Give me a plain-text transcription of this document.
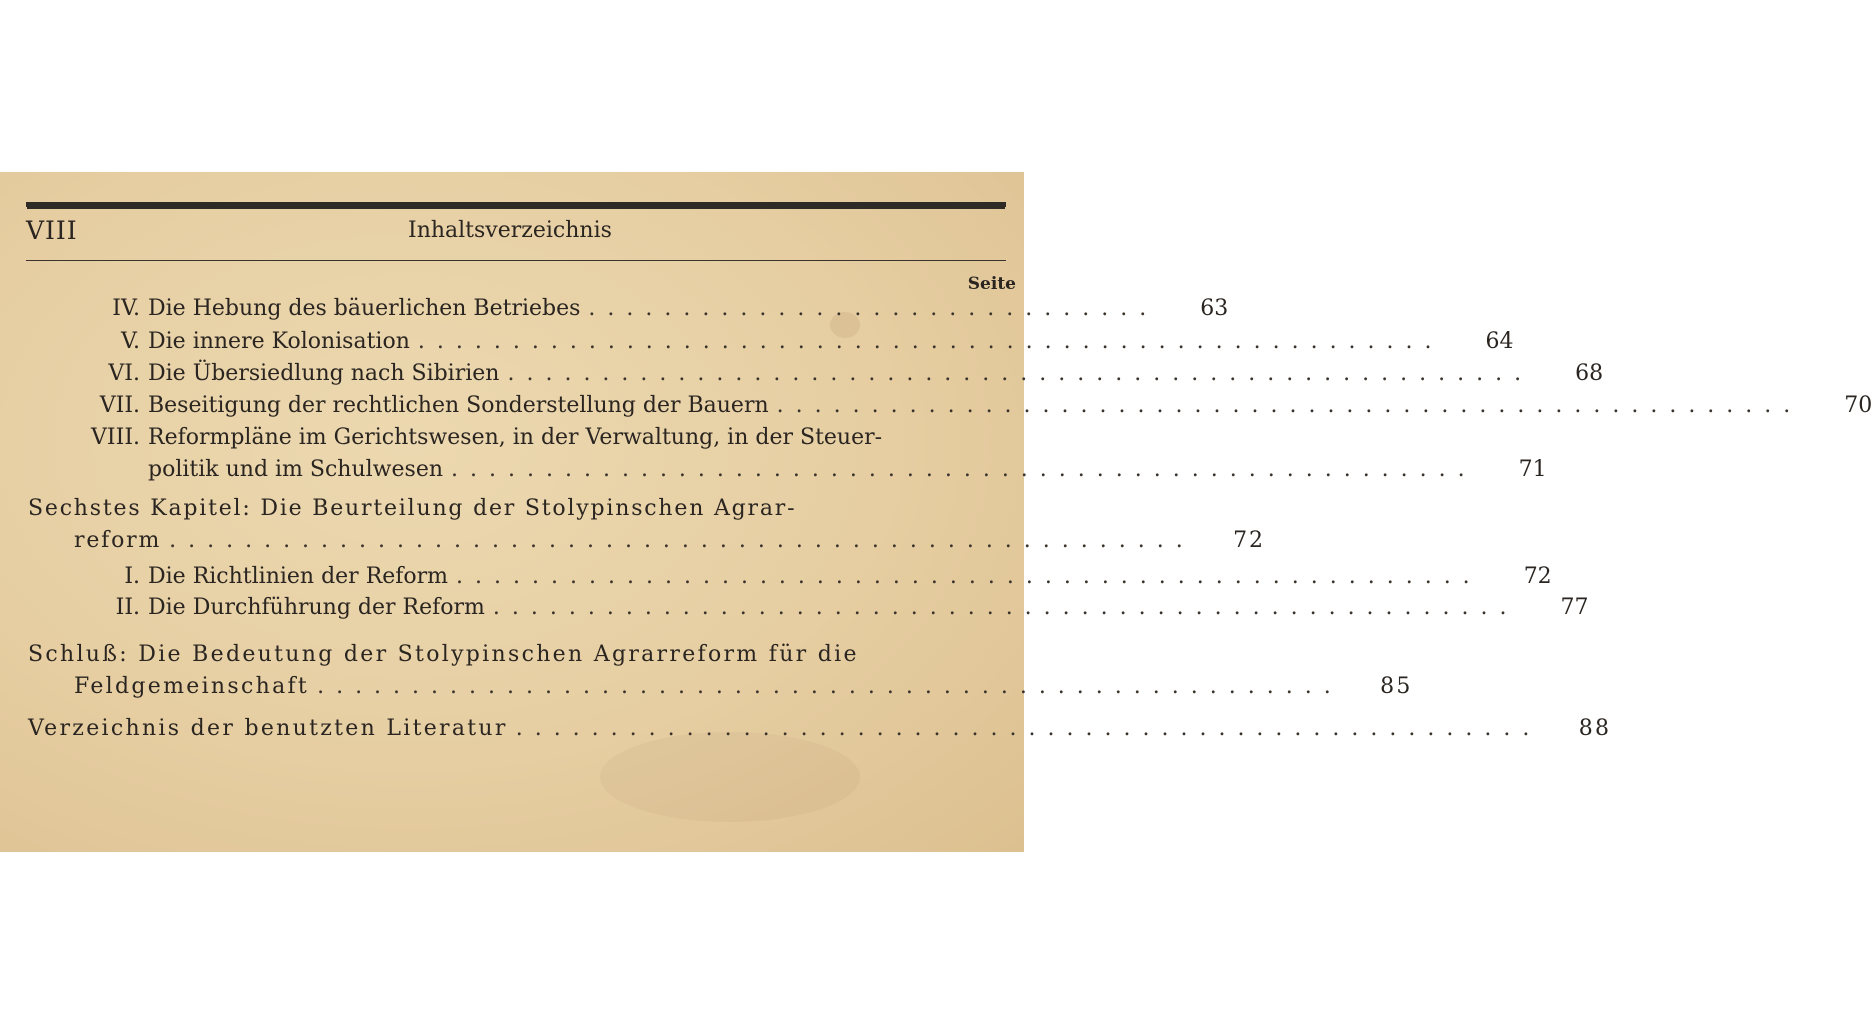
VIII	Inhaltsverzeichnis
Seite
IV. Die Hebung des bäuerlichen Betriebes ..............................	63
V. Die innere Kolonisation ......................................................	64
VI. Die Übersiedlung nach Sibirien ......................................................	68
VII. Beseitigung der rechtlichen Sonderstellung der Bauern ......................................................	70
VIII. Reformpläne im Gerichtswesen, in der Verwaltung, in der Steuer-
politik und im Schulwesen ......................................................	71
Sechstes Kapitel: Die Beurteilung der Stolypinschen Agrar-
reform ......................................................	72
I. Die Richtlinien der Reform ......................................................	72
II. Die Durchführung der Reform ......................................................	77
Schluß: Die Bedeutung der Stolypinschen Agrarreform für die
Feldgemeinschaft ......................................................	85
Verzeichnis der benutzten Literatur ......................................................	88
